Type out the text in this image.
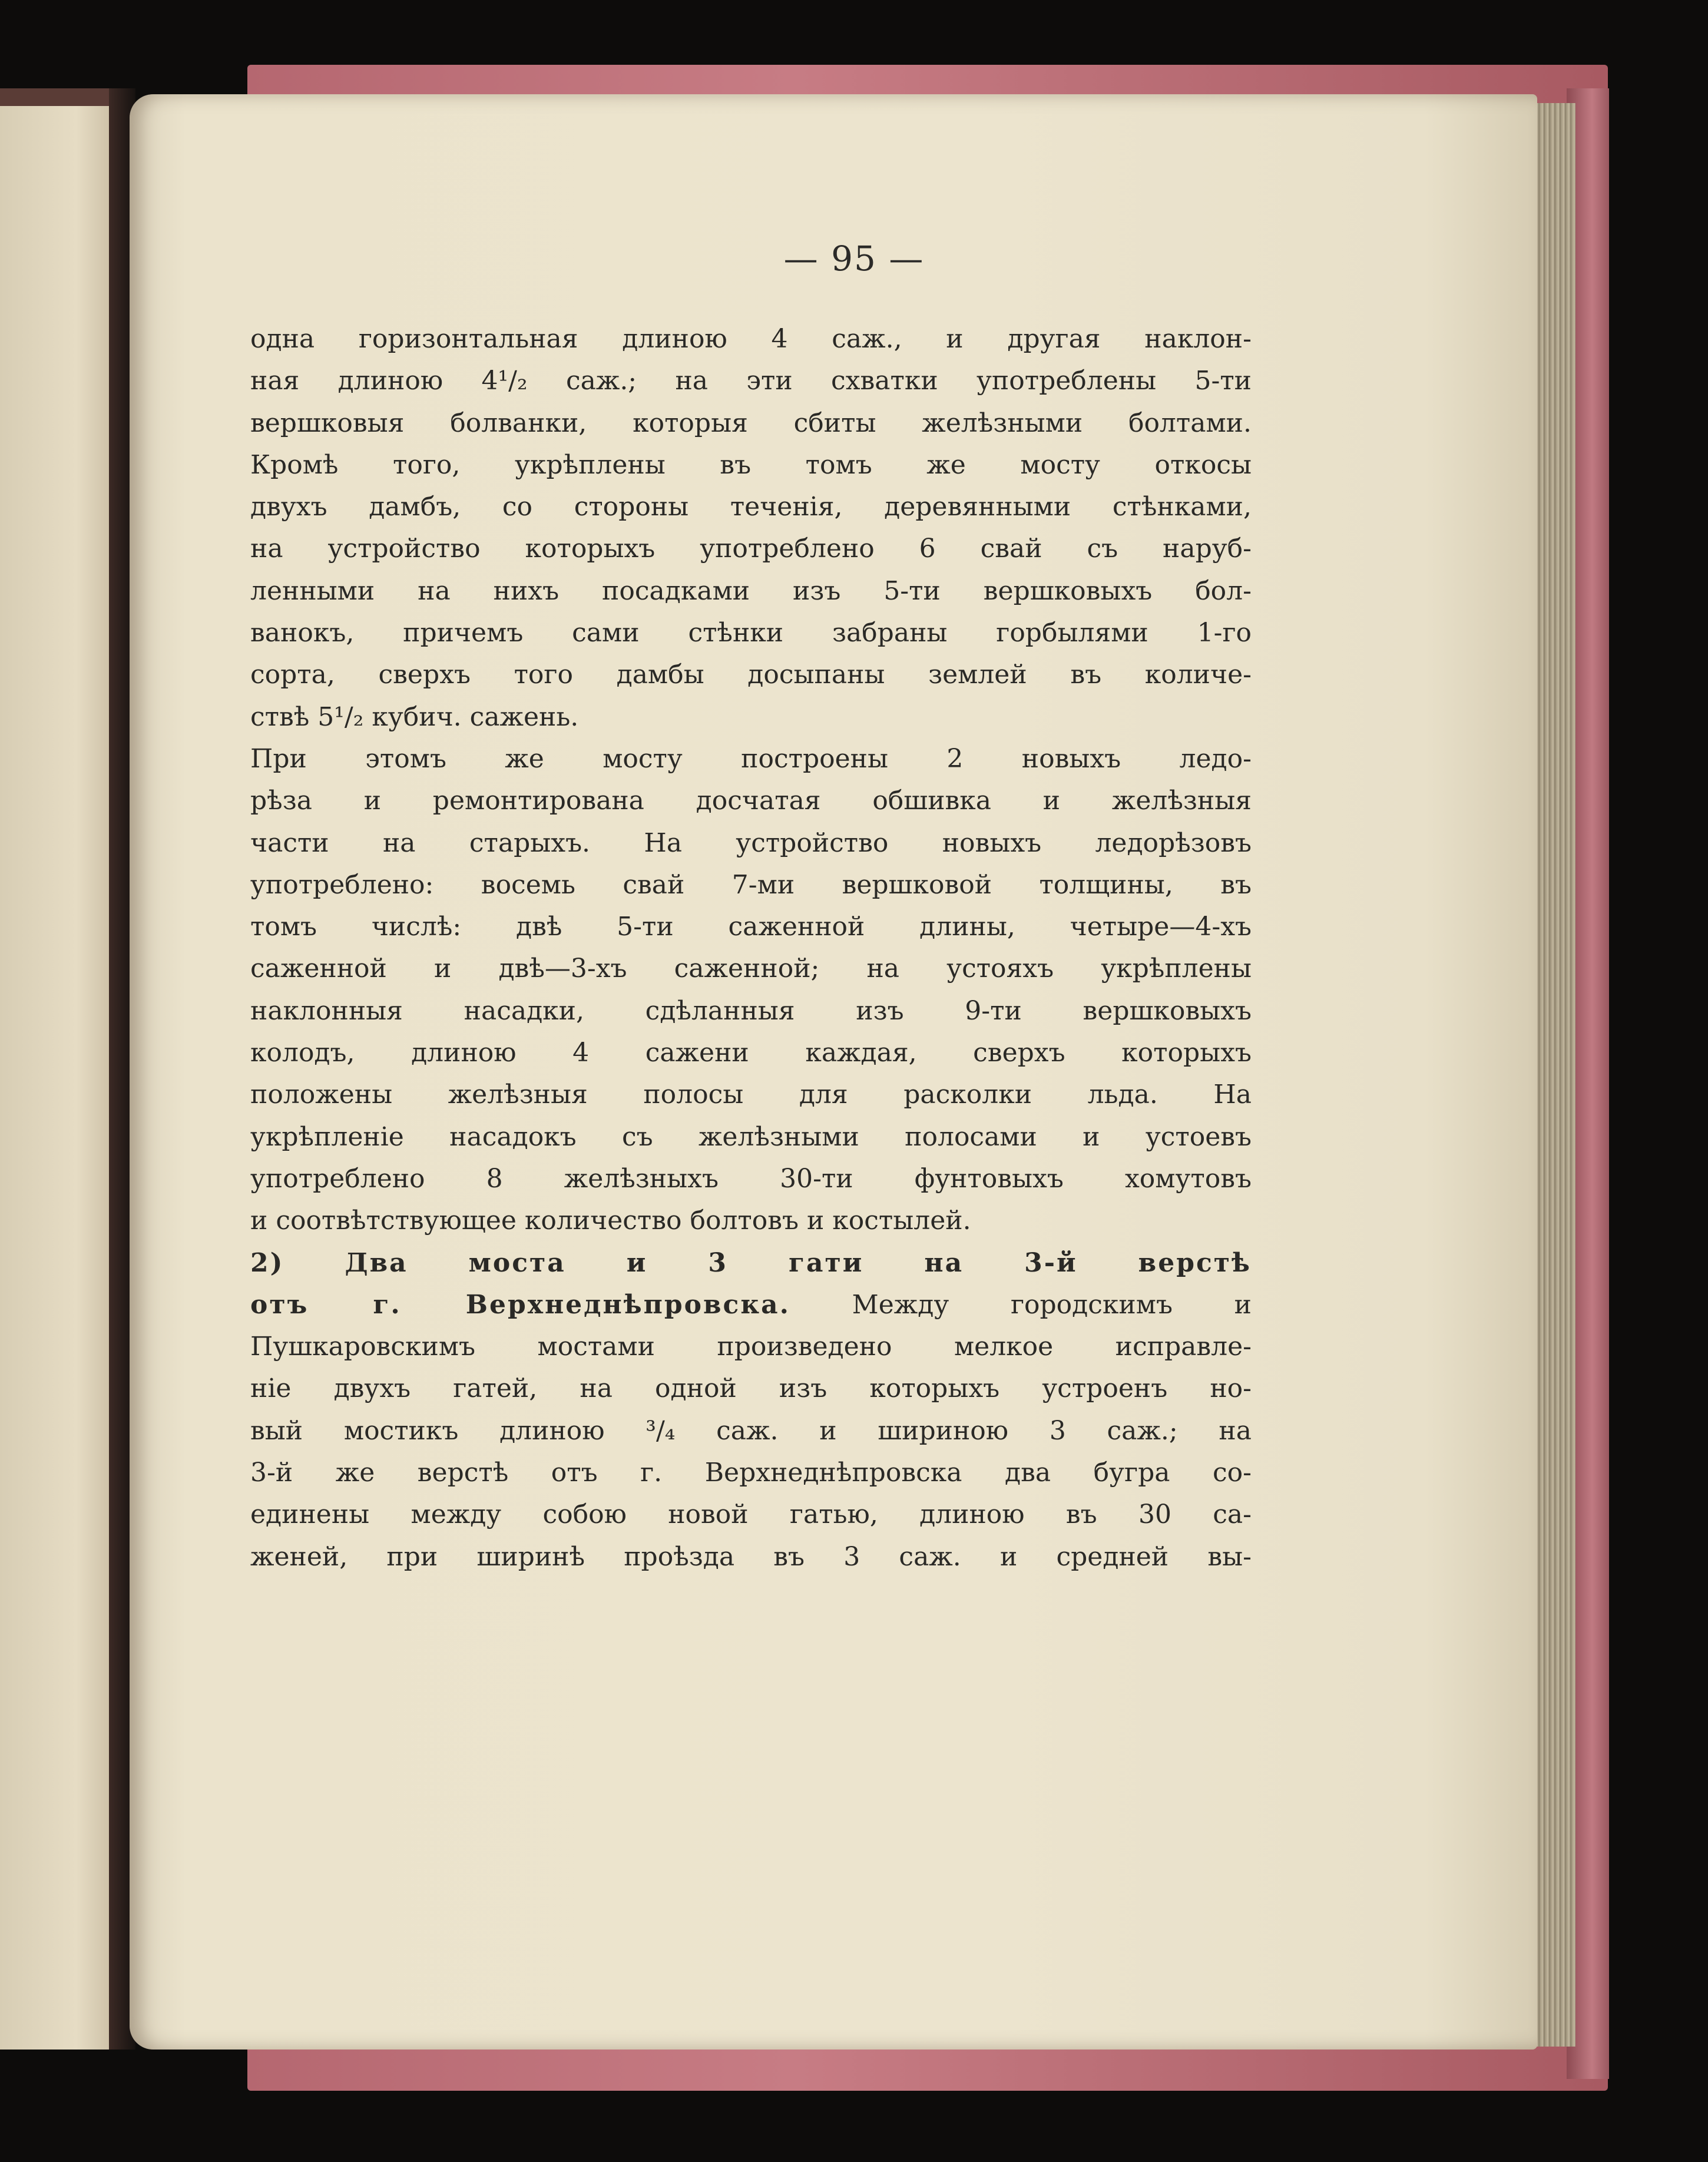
— 95 —
одна горизонтальная длиною 4 саж., и другая наклон-
ная длиною 4¹/₂ саж.; на эти схватки употреблены 5-ти
вершковыя болванки, которыя сбиты желѣзными болтами.
Кромѣ того, укрѣплены въ томъ же мосту откосы
двухъ дамбъ, со стороны теченія, деревянными стѣнками,
на устройство которыхъ употреблено 6 свай съ наруб-
ленными на нихъ посадками изъ 5-ти вершковыхъ бол-
ванокъ, причемъ сами стѣнки забраны горбылями 1-го
сорта, сверхъ того дамбы досыпаны землей въ количе-
ствѣ 5¹/₂ кубич. сажень.
При этомъ же мосту построены 2 новыхъ ледо-
рѣза и ремонтирована досчатая обшивка и желѣзныя
части на старыхъ. На устройство новыхъ ледорѣзовъ
употреблено: восемь свай 7-ми вершковой толщины, въ
томъ числѣ: двѣ 5-ти саженной длины, четыре—4-хъ
саженной и двѣ—3-хъ саженной; на устояхъ укрѣплены
наклонныя насадки, сдѣланныя изъ 9-ти вершковыхъ
колодъ, длиною 4 сажени каждая, сверхъ которыхъ
положены желѣзныя полосы для расколки льда. На
укрѣпленіе насадокъ съ желѣзными полосами и устоевъ
употреблено 8 желѣзныхъ 30-ти фунтовыхъ хомутовъ
и соотвѣтствующее количество болтовъ и костылей.
2) Два моста и 3 гати на 3-й верстѣ
отъ г. Верхнеднѣпровска. Между городскимъ и
Пушкаровскимъ мостами произведено мелкое исправле-
ніе двухъ гатей, на одной изъ которыхъ устроенъ но-
вый мостикъ длиною ³/₄ саж. и шириною 3 саж.; на
3-й же верстѣ отъ г. Верхнеднѣпровска два бугра со-
единены между собою новой гатью, длиною въ 30 са-
женей, при ширинѣ проѣзда въ 3 саж. и средней вы-
